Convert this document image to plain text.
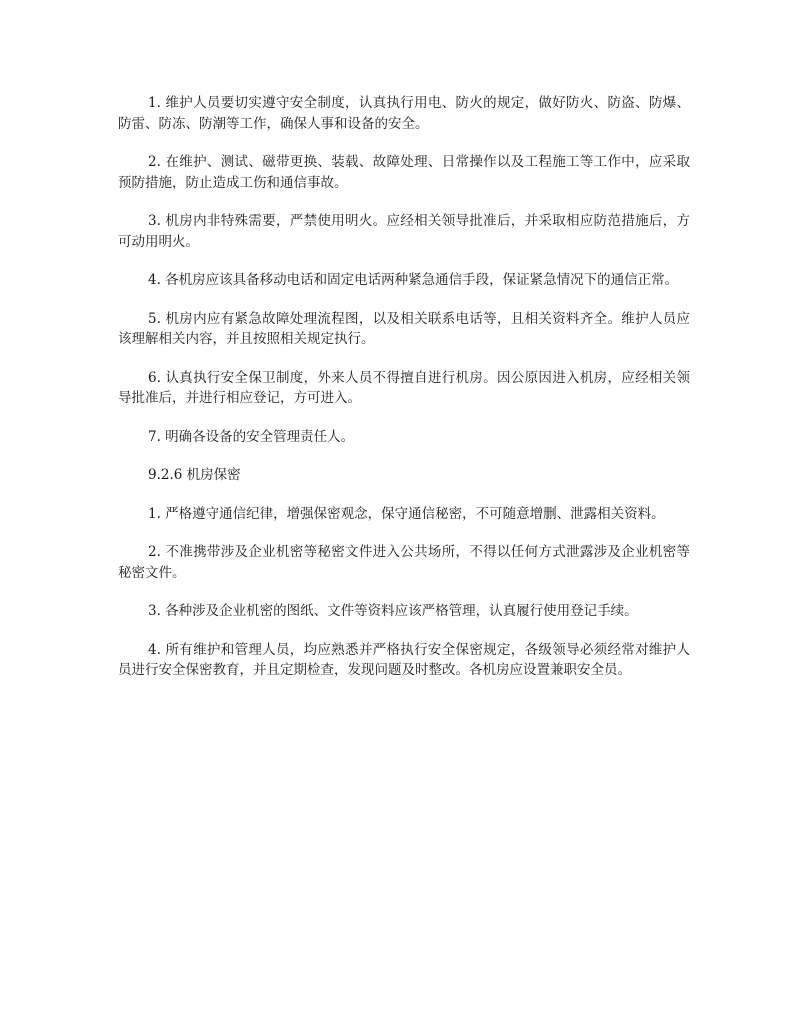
1. 维护人员要切实遵守安全制度，认真执行用电、防火的规定，做好防火、防盗、防爆、防雷、防冻、防潮等工作，确保人事和设备的安全。

2. 在维护、测试、磁带更换、装载、故障处理、日常操作以及工程施工等工作中，应采取预防措施，防止造成工伤和通信事故。

3. 机房内非特殊需要，严禁使用明火。应经相关领导批准后，并采取相应防范措施后，方可动用明火。

4. 各机房应该具备移动电话和固定电话两种紧急通信手段，保证紧急情况下的通信正常。

5. 机房内应有紧急故障处理流程图，以及相关联系电话等，且相关资料齐全。维护人员应该理解相关内容，并且按照相关规定执行。

6. 认真执行安全保卫制度，外来人员不得擅自进行机房。因公原因进入机房，应经相关领导批准后，并进行相应登记，方可进入。

7. 明确各设备的安全管理责任人。

9.2.6 机房保密

1. 严格遵守通信纪律，增强保密观念，保守通信秘密，不可随意增删、泄露相关资料。

2. 不准携带涉及企业机密等秘密文件进入公共场所，不得以任何方式泄露涉及企业机密等秘密文件。

3. 各种涉及企业机密的图纸、文件等资料应该严格管理，认真履行使用登记手续。

4. 所有维护和管理人员，均应熟悉并严格执行安全保密规定，各级领导必须经常对维护人员进行安全保密教育，并且定期检查，发现问题及时整改。各机房应设置兼职安全员。
